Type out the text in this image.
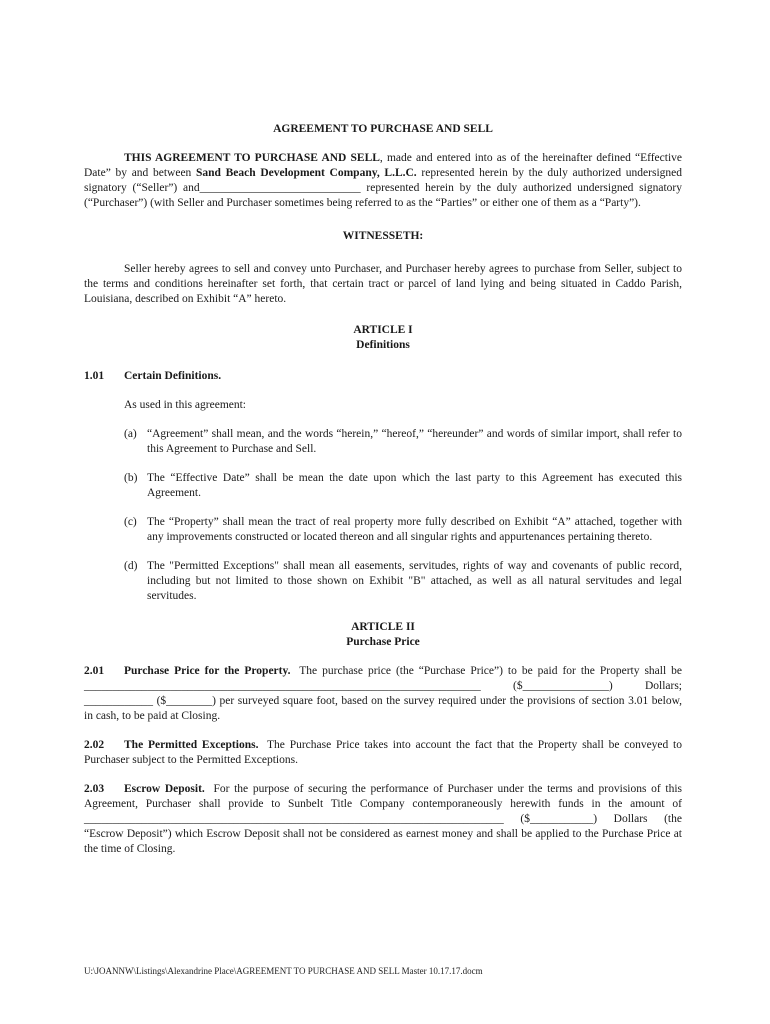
AGREEMENT TO PURCHASE AND SELL

THIS AGREEMENT TO PURCHASE AND SELL, made and entered into as of the hereinafter defined “Effective Date” by and between Sand Beach Development Company, L.L.C. represented herein by the duly authorized undersigned signatory (“Seller”) and____________________________ represented herein by the duly authorized undersigned signatory (“Purchaser”) (with Seller and Purchaser sometimes being referred to as the “Parties” or either one of them as a “Party”).

WITNESSETH:

Seller hereby agrees to sell and convey unto Purchaser, and Purchaser hereby agrees to purchase from Seller, subject to the terms and conditions hereinafter set forth, that certain tract or parcel of land lying and being situated in Caddo Parish, Louisiana, described on Exhibit “A” hereto.

ARTICLE I
Definitions
1.01	Certain Definitions.
As used in this agreement:
(a) “Agreement” shall mean, and the words “herein,” “hereof,” “hereunder” and words of similar import, shall refer to this Agreement to Purchase and Sell.
(b) The “Effective Date” shall be mean the date upon which the last party to this Agreement has executed this Agreement.
(c) The “Property” shall mean the tract of real property more fully described on Exhibit “A” attached, together with any improvements constructed or located thereon and all singular rights and appurtenances pertaining thereto.
(d) The "Permitted Exceptions" shall mean all easements, servitudes, rights of way and covenants of public record, including but not limited to those shown on Exhibit "B" attached, as well as all natural servitudes and legal servitudes.
ARTICLE II
Purchase Price

2.01 Purchase Price for the Property. The purchase price (the “Purchase Price”) to be paid for the Property shall be _____________________________________________________________________ ($_______________) Dollars; ____________ ($________) per surveyed square foot, based on the survey required under the provisions of section 3.01 below, in cash, to be paid at Closing.

2.02 The Permitted Exceptions. The Purchase Price takes into account the fact that the Property shall be conveyed to Purchaser subject to the Permitted Exceptions.

2.03 Escrow Deposit. For the purpose of securing the performance of Purchaser under the terms and provisions of this Agreement, Purchaser shall provide to Sunbelt Title Company contemporaneously herewith funds in the amount of _________________________________________________________________________ ($___________) Dollars (the “Escrow Deposit”) which Escrow Deposit shall not be considered as earnest money and shall be applied to the Purchase Price at the time of Closing.

U:\JOANNW\Listings\Alexandrine Place\AGREEMENT TO PURCHASE AND SELL Master 10.17.17.docm
